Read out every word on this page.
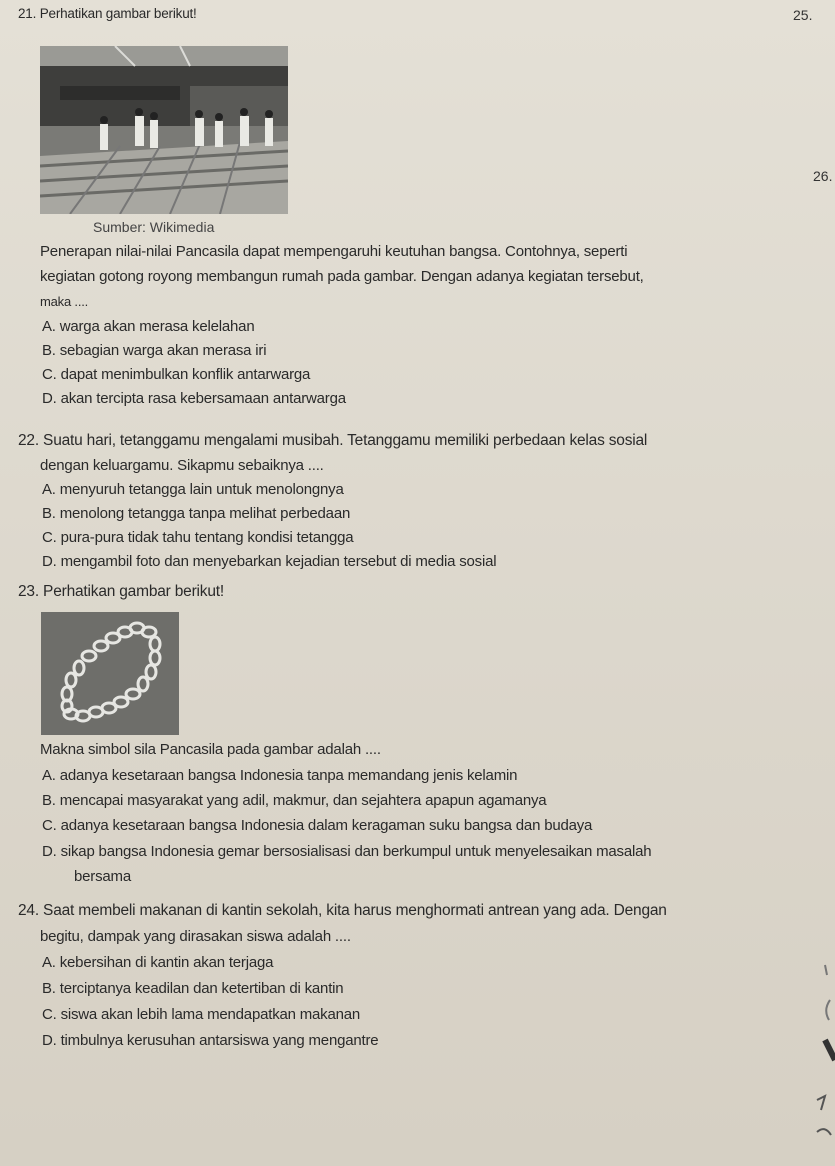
21. Perhatikan gambar berikut!
Sumber: Wikimedia
Penerapan nilai-nilai Pancasila dapat mempengaruhi keutuhan bangsa. Contohnya, seperti
kegiatan gotong royong membangun rumah pada gambar. Dengan adanya kegiatan tersebut,
maka ....
A. warga akan merasa kelelahan
B. sebagian warga akan merasa iri
C. dapat menimbulkan konflik antarwarga
D. akan tercipta rasa kebersamaan antarwarga
22. Suatu hari, tetanggamu mengalami musibah. Tetanggamu memiliki perbedaan kelas sosial
dengan keluargamu. Sikapmu sebaiknya ....
A. menyuruh tetangga lain untuk menolongnya
B. menolong tetangga tanpa melihat perbedaan
C. pura-pura tidak tahu tentang kondisi tetangga
D. mengambil foto dan menyebarkan kejadian tersebut di media sosial
23. Perhatikan gambar berikut!
Makna simbol sila Pancasila pada gambar adalah ....
A. adanya kesetaraan bangsa Indonesia tanpa memandang jenis kelamin
B. mencapai masyarakat yang adil, makmur, dan sejahtera apapun agamanya
C. adanya kesetaraan bangsa Indonesia dalam keragaman suku bangsa dan budaya
D. sikap bangsa Indonesia gemar bersosialisasi dan berkumpul untuk menyelesaikan masalah
bersama
24. Saat membeli makanan di kantin sekolah, kita harus menghormati antrean yang ada. Dengan
begitu, dampak yang dirasakan siswa adalah ....
A. kebersihan di kantin akan terjaga
B. terciptanya keadilan dan ketertiban di kantin
C. siswa akan lebih lama mendapatkan makanan
D. timbulnya kerusuhan antarsiswa yang mengantre
25.
26.
